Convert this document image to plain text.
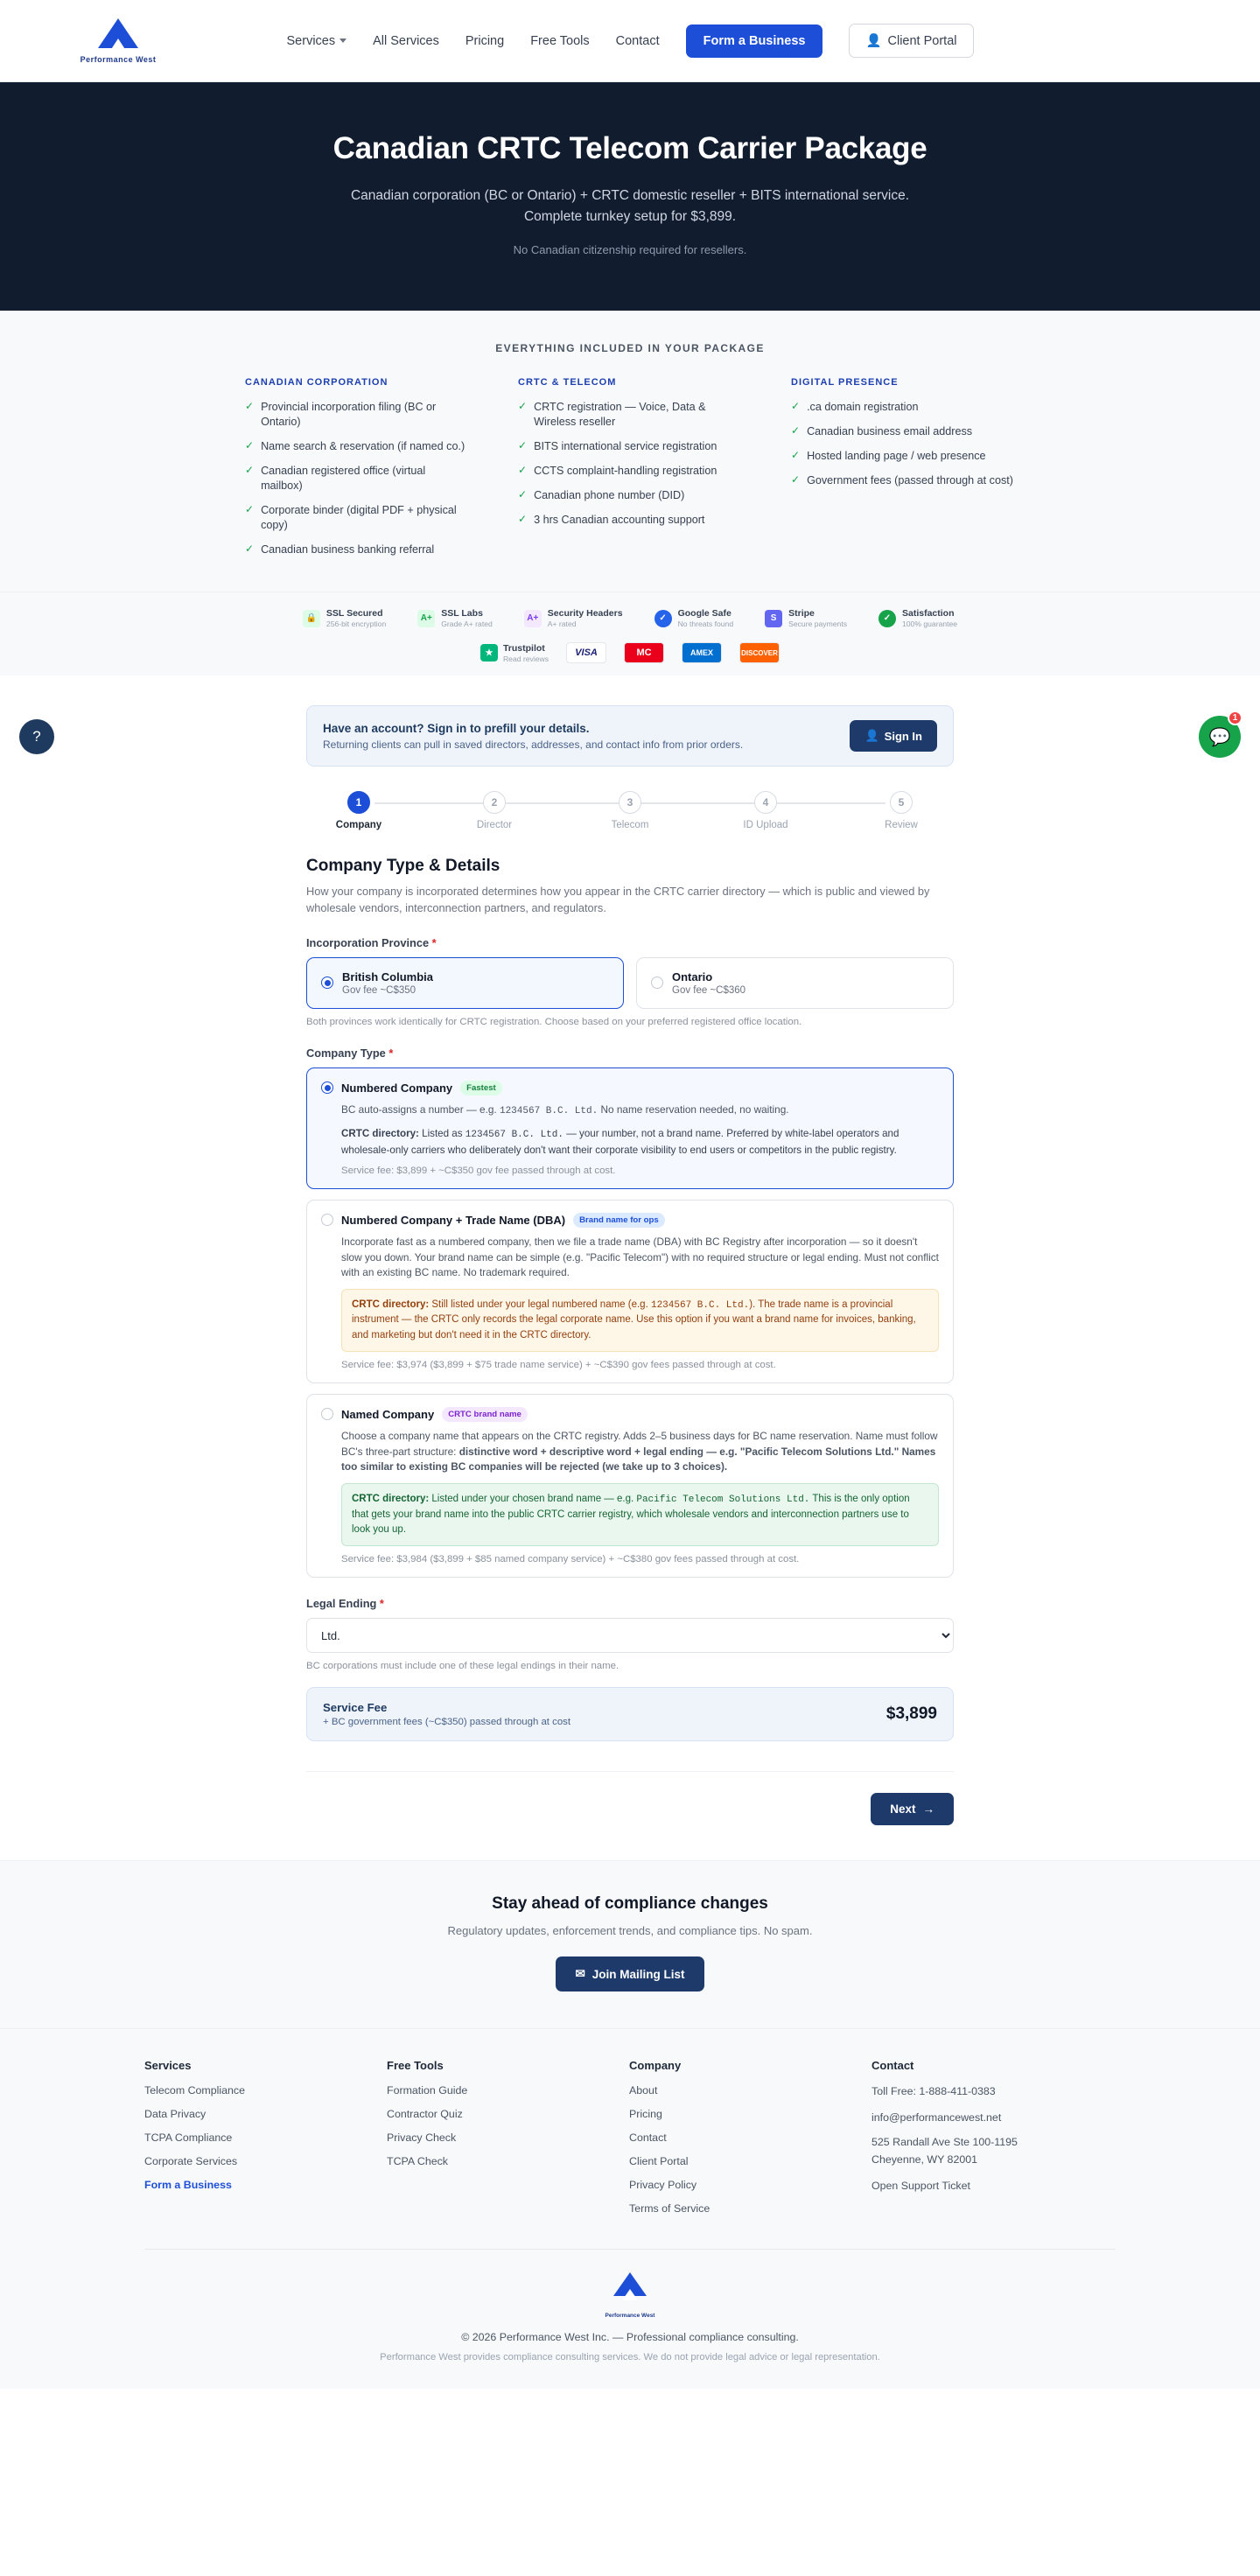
Performance West
Services	All Services Pricing Free Tools Contact	Form a Business	👤 Client Portal
Canadian CRTC Telecom Carrier Package

Canadian corporation (BC or Ontario) + CRTC domestic reseller + BITS international service. Complete turnkey setup for $3,899.

No Canadian citizenship required for resellers.

EVERYTHING INCLUDED IN YOUR PACKAGE
CANADIAN CORPORATION
✓ Provincial incorporation filing (BC or Ontario)
✓ Name search & reservation (if named co.)
✓ Canadian registered office (virtual mailbox)
✓ Corporate binder (digital PDF + physical copy)
✓ Canadian business banking referral
CRTC & TELECOM
✓ CRTC registration — Voice, Data & Wireless reseller
✓ BITS international service registration
✓ CCTS complaint-handling registration
✓ Canadian phone number (DID)
✓ 3 hrs Canadian accounting support
DIGITAL PRESENCE
✓ .ca domain registration
✓ Canadian business email address
✓ Hosted landing page / web presence
✓ Government fees (passed through at cost)
🔒	SSL Secured
256-bit encryption
A+ SSL Labs
Grade A+ rated
A+ Security Headers
A+ rated
✓	Google Safe
No threats found
S	Stripe
Secure payments
✓	Satisfaction
100% guarantee
★	Trustpilot
Read reviews
VISA	MC	AMEX	DISCOVER
?	💬
1
Have an account? Sign in to prefill your details.
Returning clients can pull in saved directors, addresses, and contact info from prior orders.
👤 Sign In
1
Company
2
Director
3
Telecom
4
ID Upload
5
Review
Company Type & Details

How your company is incorporated determines how you appear in the CRTC carrier directory — which is public and viewed by wholesale vendors, interconnection partners, and regulators.

Incorporation Province *
British Columbia
Gov fee ~C$350
Ontario
Gov fee ~C$360
Both provinces work identically for CRTC registration. Choose based on your preferred registered office location.
Company Type *
Numbered Company	Fastest
BC auto-assigns a number — e.g. 1234567 B.C. Ltd. No name reservation needed, no waiting.
CRTC directory: Listed as 1234567 B.C. Ltd. — your number, not a brand name. Preferred by white-label operators and wholesale-only carriers who deliberately don't want their corporate visibility to end users or competitors in the public registry.
Service fee: $3,899 + ~C$350 gov fee passed through at cost.
Numbered Company + Trade Name (DBA)	Brand name for ops
Incorporate fast as a numbered company, then we file a trade name (DBA) with BC Registry after incorporation — so it doesn't slow you down. Your brand name can be simple (e.g. "Pacific Telecom") with no required structure or legal ending. Must not conflict with an existing BC name. No trademark required.
CRTC directory: Still listed under your legal numbered name (e.g. 1234567 B.C. Ltd.). The trade name is a provincial instrument — the CRTC only records the legal corporate name. Use this option if you want a brand name for invoices, banking, and marketing but don't need it in the CRTC directory.
Service fee: $3,974 ($3,899 + $75 trade name service) + ~C$390 gov fees passed through at cost.
Named Company	CRTC brand name
Choose a company name that appears on the CRTC registry. Adds 2–5 business days for BC name reservation. Name must follow BC's three-part structure: distinctive word + descriptive word + legal ending — e.g. "Pacific Telecom Solutions Ltd." Names too similar to existing BC companies will be rejected (we take up to 3 choices).
CRTC directory: Listed under your chosen brand name — e.g. Pacific Telecom Solutions Ltd. This is the only option that gets your brand name into the public CRTC carrier registry, which wholesale vendors and interconnection partners use to look you up.
Service fee: $3,984 ($3,899 + $85 named company service) + ~C$380 gov fees passed through at cost.
Legal Ending *
Ltd.
BC corporations must include one of these legal endings in their name.
Service Fee
+ BC government fees (~C$350) passed through at cost	$3,899
Next →
Stay ahead of compliance changes

Regulatory updates, enforcement trends, and compliance tips. No spam.

✉ Join Mailing List
Services
Telecom Compliance
Data Privacy
TCPA Compliance
Corporate Services
Form a Business
Free Tools
Formation Guide
Contractor Quiz
Privacy Check
TCPA Check
Company
About
Pricing
Contact
Client Portal
Privacy Policy
Terms of Service
Contact
Toll Free: 1-888-411-0383
info@performancewest.net
525 Randall Ave Ste 100-1195
Cheyenne, WY 82001
Open Support Ticket
Performance West
© 2026 Performance West Inc. — Professional compliance consulting.
Performance West provides compliance consulting services. We do not provide legal advice or legal representation.
